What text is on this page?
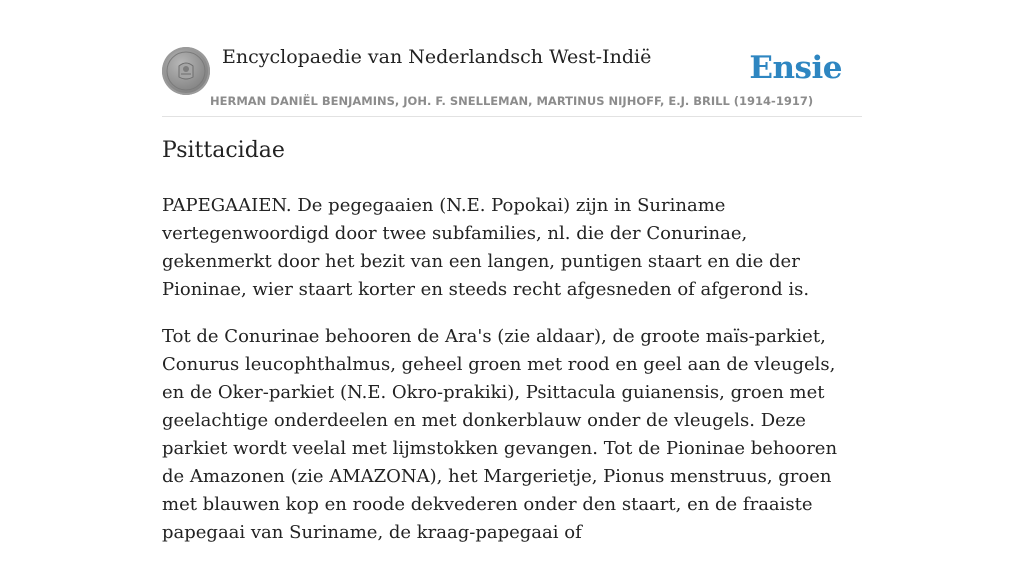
Encyclopaedie van Nederlandsch West-Indië	Ensie
HERMAN DANIËL BENJAMINS, JOH. F. SNELLEMAN, MARTINUS NIJHOFF, E.J. BRILL (1914-1917)
Psittacidae

PAPEGAAIEN. De pegegaaien (N.E. Popokai) zijn in Suriname vertegenwoordigd door twee subfamilies, nl. die der Conurinae, gekenmerkt door het bezit van een langen, puntigen staart en die der Pioninae, wier staart korter en steeds recht afgesneden of afgerond is.

Tot de Conurinae behooren de Ara's (zie aldaar), de groote maïs-parkiet, Conurus leucophthalmus, geheel groen met rood en geel aan de vleugels, en de Oker-parkiet (N.E. Okro-prakiki), Psittacula guianensis, groen met geelachtige onderdeelen en met donkerblauw onder de vleugels. Deze parkiet wordt veelal met lijmstokken gevangen. Tot de Pioninae behooren de Amazonen (zie AMAZONA), het Margerietje, Pionus menstruus, groen met blauwen kop en roode dekvederen onder den staart, en de fraaiste papegaai van Suriname, de kraag-papegaai of
